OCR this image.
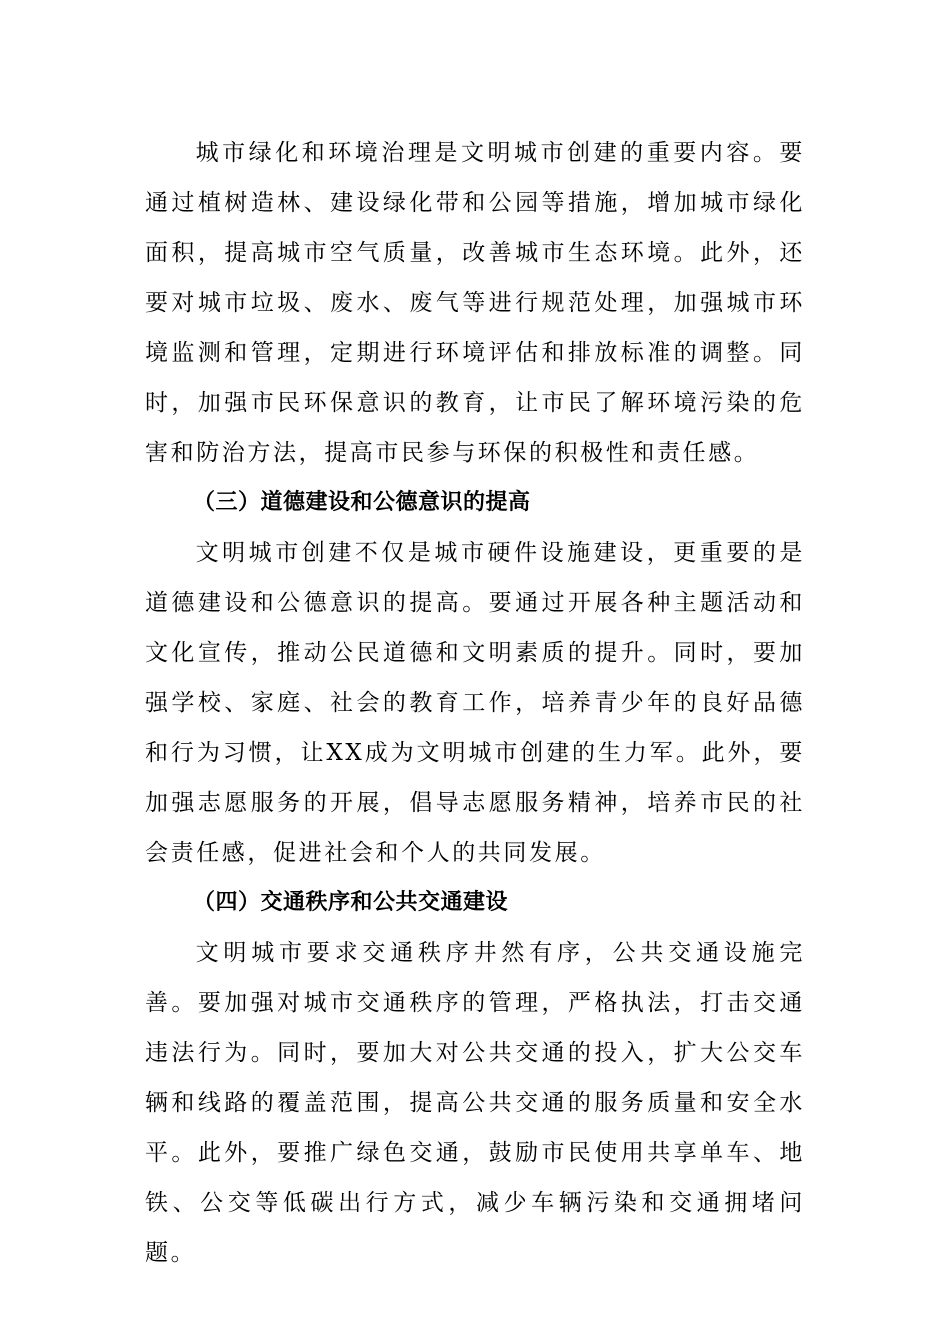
城市绿化和环境治理是文明城市创建的重要内容。要通过植树造林、建设绿化带和公园等措施，增加城市绿化面积，提高城市空气质量，改善城市生态环境。此外，还要对城市垃圾、废水、废气等进行规范处理，加强城市环境监测和管理，定期进行环境评估和排放标准的调整。同时，加强市民环保意识的教育，让市民了解环境污染的危害和防治方法，提高市民参与环保的积极性和责任感。

（三）道德建设和公德意识的提高

文明城市创建不仅是城市硬件设施建设，更重要的是道德建设和公德意识的提高。要通过开展各种主题活动和文化宣传，推动公民道德和文明素质的提升。同时，要加强学校、家庭、社会的教育工作，培养青少年的良好品德和行为习惯，让XX成为文明城市创建的生力军。此外，要加强志愿服务的开展，倡导志愿服务精神，培养市民的社会责任感，促进社会和个人的共同发展。

（四）交通秩序和公共交通建设

文明城市要求交通秩序井然有序，公共交通设施完善。要加强对城市交通秩序的管理，严格执法，打击交通违法行为。同时，要加大对公共交通的投入，扩大公交车辆和线路的覆盖范围，提高公共交通的服务质量和安全水平。此外，要推广绿色交通，鼓励市民使用共享单车、地铁、公交等低碳出行方式，减少车辆污染和交通拥堵问题。
